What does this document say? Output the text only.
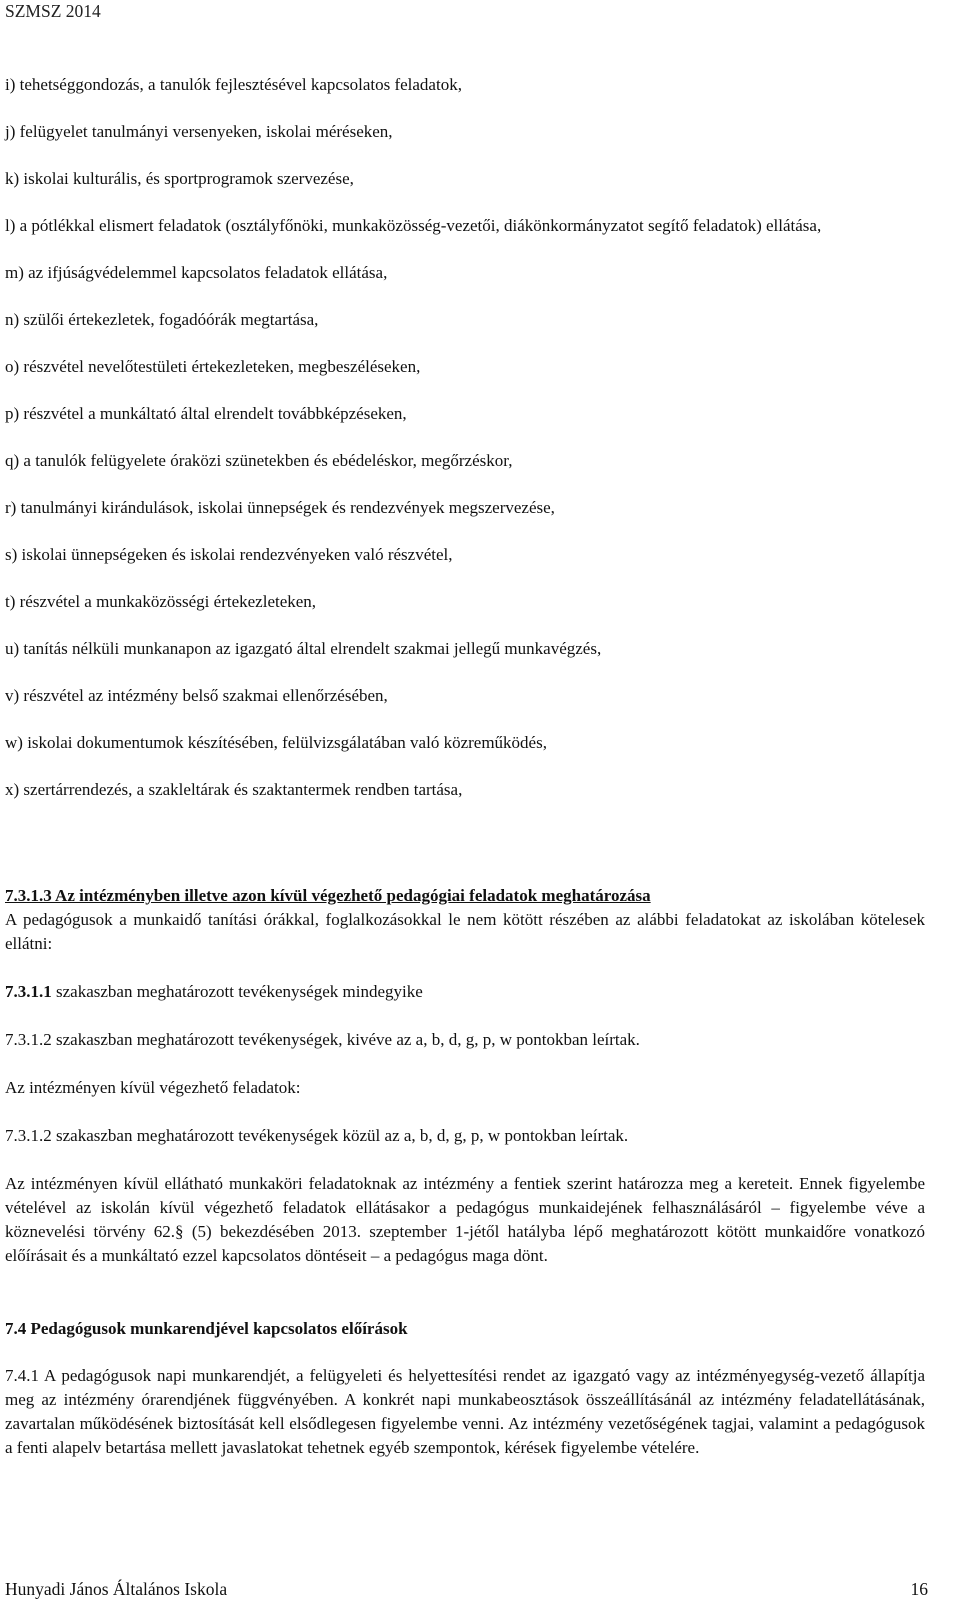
SZMSZ 2014
i) tehetséggondozás, a tanulók fejlesztésével kapcsolatos feladatok,
j) felügyelet tanulmányi versenyeken, iskolai méréseken,
k) iskolai kulturális, és sportprogramok szervezése,
l) a pótlékkal elismert feladatok (osztályfőnöki, munkaközösség-vezetői, diákönkormányzatot segítő feladatok) ellátása,
m) az ifjúságvédelemmel kapcsolatos feladatok ellátása,
n) szülői értekezletek, fogadóórák megtartása,
o) részvétel nevelőtestületi értekezleteken, megbeszéléseken,
p) részvétel a munkáltató által elrendelt továbbképzéseken,
q) a tanulók felügyelete óraközi szünetekben és ebédeléskor, megőrzéskor,
r) tanulmányi kirándulások, iskolai ünnepségek és rendezvények megszervezése,
s) iskolai ünnepségeken és iskolai rendezvényeken való részvétel,
t) részvétel a munkaközösségi értekezleteken,
u) tanítás nélküli munkanapon az igazgató által elrendelt szakmai jellegű munkavégzés,
v) részvétel az intézmény belső szakmai ellenőrzésében,
w) iskolai dokumentumok készítésében, felülvizsgálatában való közreműködés,
x) szertárrendezés, a szakleltárak és szaktantermek rendben tartása,
7.3.1.3 Az intézményben illetve azon kívül végezhető pedagógiai feladatok meghatározása
A pedagógusok a munkaidő tanítási órákkal, foglalkozásokkal le nem kötött részében az alábbi feladatokat az iskolában kötelesek ellátni:
7.3.1.1 szakaszban meghatározott tevékenységek mindegyike
7.3.1.2 szakaszban meghatározott tevékenységek, kivéve az a, b, d, g, p, w pontokban leírtak.
Az intézményen kívül végezhető feladatok:
7.3.1.2 szakaszban meghatározott tevékenységek közül az a, b, d, g, p, w pontokban leírtak.
Az intézményen kívül ellátható munkaköri feladatoknak az intézmény a fentiek szerint határozza meg a kereteit. Ennek figyelembe vételével az iskolán kívül végezhető feladatok ellátásakor a pedagógus munkaidejének felhasználásáról – figyelembe véve a köznevelési törvény 62.§ (5) bekezdésében 2013. szeptember 1-jétől hatályba lépő meghatározott kötött munkaidőre vonatkozó előírásait és a munkáltató ezzel kapcsolatos döntéseit – a pedagógus maga dönt.
7.4 Pedagógusok munkarendjével kapcsolatos előírások
7.4.1 A pedagógusok napi munkarendjét, a felügyeleti és helyettesítési rendet az igazgató vagy az intézményegység-vezető állapítja meg az intézmény órarendjének függvényében. A konkrét napi munkabeosztások összeállításánál az intézmény feladatellátásának, zavartalan működésének biztosítását kell elsődlegesen figyelembe venni. Az intézmény vezetőségének tagjai, valamint a pedagógusok a fenti alapelv betartása mellett javaslatokat tehetnek egyéb szempontok, kérések figyelembe vételére.
Hunyadi János Általános Iskola	16
